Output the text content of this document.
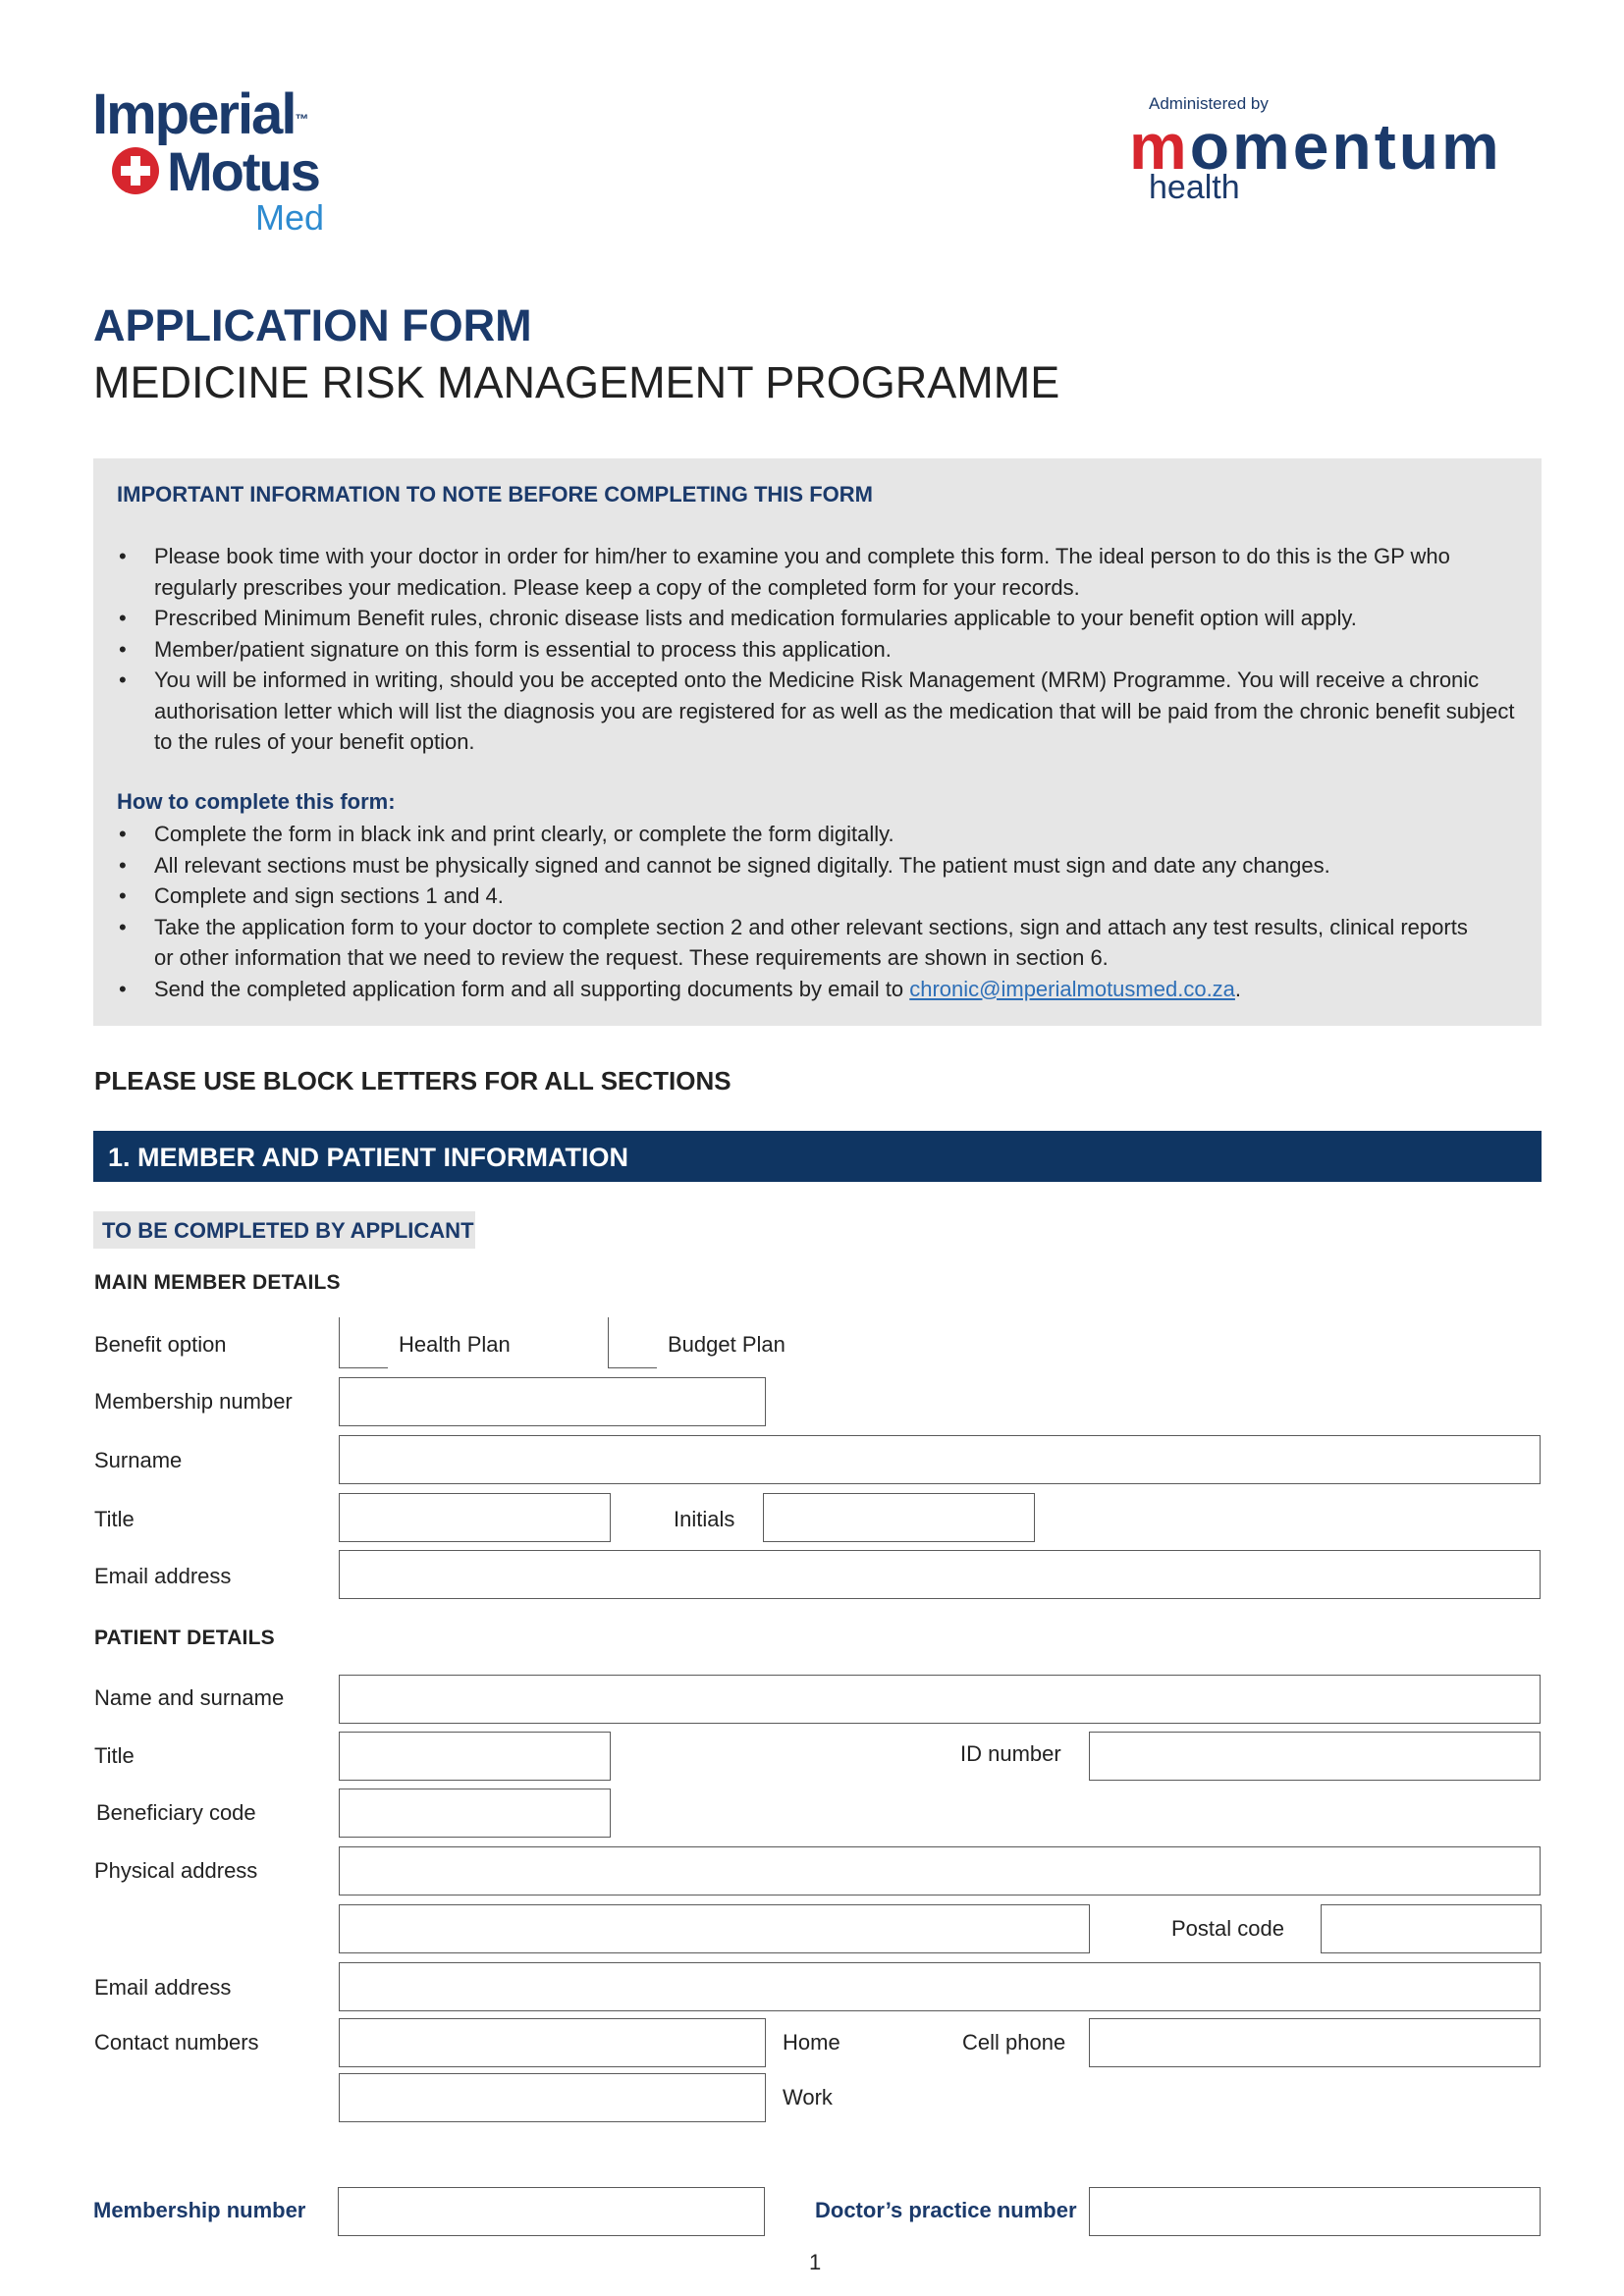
Imperial™
Motus
Med
Administered by
momentum
health
APPLICATION FORM
MEDICINE RISK MANAGEMENT PROGRAMME
IMPORTANT INFORMATION TO NOTE BEFORE COMPLETING THIS FORM
• Please book time with your doctor in order for him/her to examine you and complete this form. The ideal person to do this is the GP who regularly prescribes your medication. Please keep a copy of the completed form for your records.
• Prescribed Minimum Benefit rules, chronic disease lists and medication formularies applicable to your benefit option will apply.
• Member/patient signature on this form is essential to process this application.
• You will be informed in writing, should you be accepted onto the Medicine Risk Management (MRM) Programme. You will receive a chronic authorisation letter which will list the diagnosis you are registered for as well as the medication that will be paid from the chronic benefit subject to the rules of your benefit option.
How to complete this form:
• Complete the form in black ink and print clearly, or complete the form digitally.
• All relevant sections must be physically signed and cannot be signed digitally. The patient must sign and date any changes.
• Complete and sign sections 1 and 4.
• Take the application form to your doctor to complete section 2 and other relevant sections, sign and attach any test results, clinical reports or other information that we need to review the request. These requirements are shown in section 6.
• Send the completed application form and all supporting documents by email to chronic@imperialmotusmed.co.za.
PLEASE USE BLOCK LETTERS FOR ALL SECTIONS
1. MEMBER AND PATIENT INFORMATION
TO BE COMPLETED BY APPLICANT
MAIN MEMBER DETAILS
Benefit option	Health Plan	Budget Plan
Membership number
Surname
Title	Initials
Email address
PATIENT DETAILS
Name and surname
Title	ID number
Beneficiary code
Physical address
Postal code
Email address
Contact numbers	Home	Cell phone
Work
Membership number	Doctor’s practice number
1
